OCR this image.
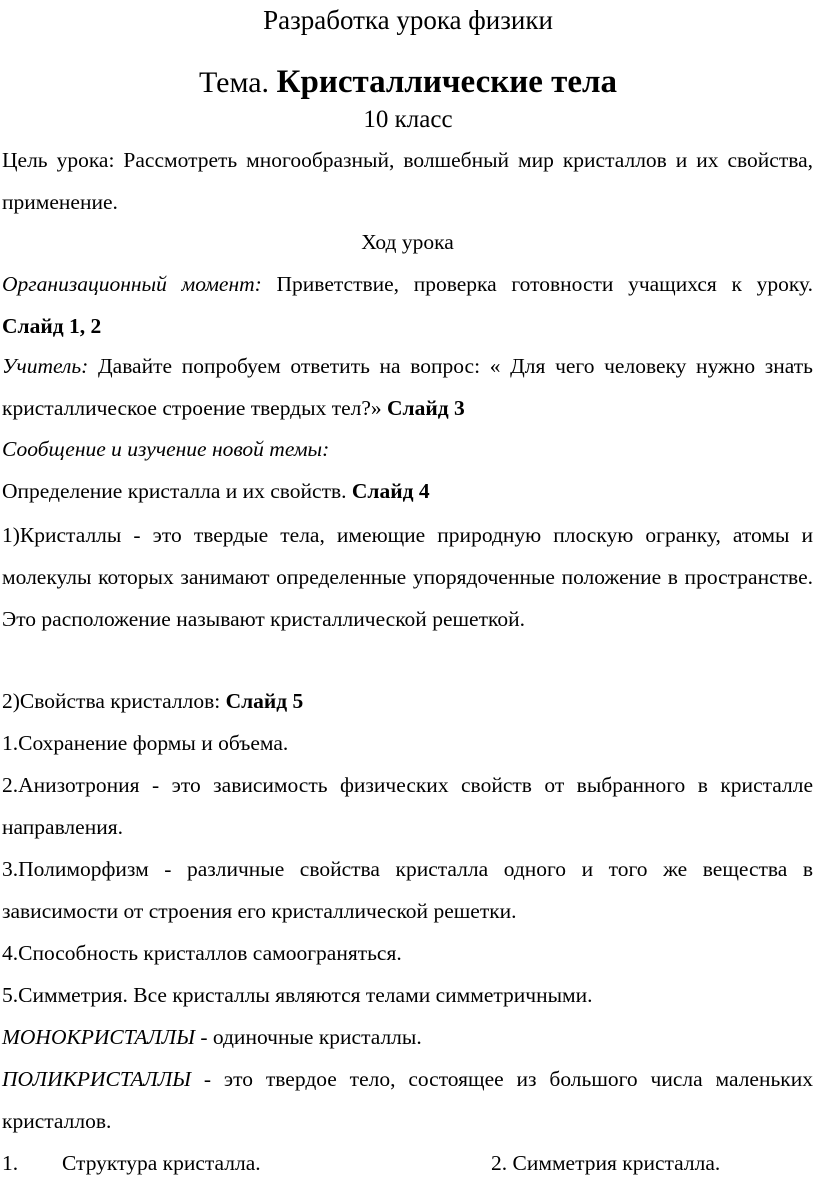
Разработка урока физики
Тема. Кристаллические тела
10 класс
Цель урока: Рассмотреть многообразный, волшебный мир кристаллов и их свойства, применение.
Ход урока
Организационный момент: Приветствие, проверка готовности учащихся к уроку. Слайд 1, 2
Учитель: Давайте попробуем ответить на вопрос: « Для чего человеку нужно знать кристаллическое строение твердых тел?» Слайд 3
Сообщение и изучение новой темы:
Определение кристалла и их свойств. Слайд 4
1)Кристаллы - это твердые тела, имеющие природную плоскую огранку, атомы и молекулы которых занимают определенные упорядоченные положение в пространстве. Это расположение называют кристаллической решеткой.
2)Свойства кристаллов: Слайд 5
1.Сохранение формы и объема.
2.Анизотрония - это зависимость физических свойств от выбранного в кристалле направления.
3.Полиморфизм - различные свойства кристалла одного и того же вещества в зависимости от строения его кристаллической решетки.
4.Способность кристаллов самоограняться.
5.Симметрия. Все кристаллы являются телами симметричными.
МОНОКРИСТАЛЛЫ - одиночные кристаллы.
ПОЛИКРИСТАЛЛЫ - это твердое тело, состоящее из большого числа маленьких кристаллов.
1. Структура кристалла.	2. Симметрия кристалла.
